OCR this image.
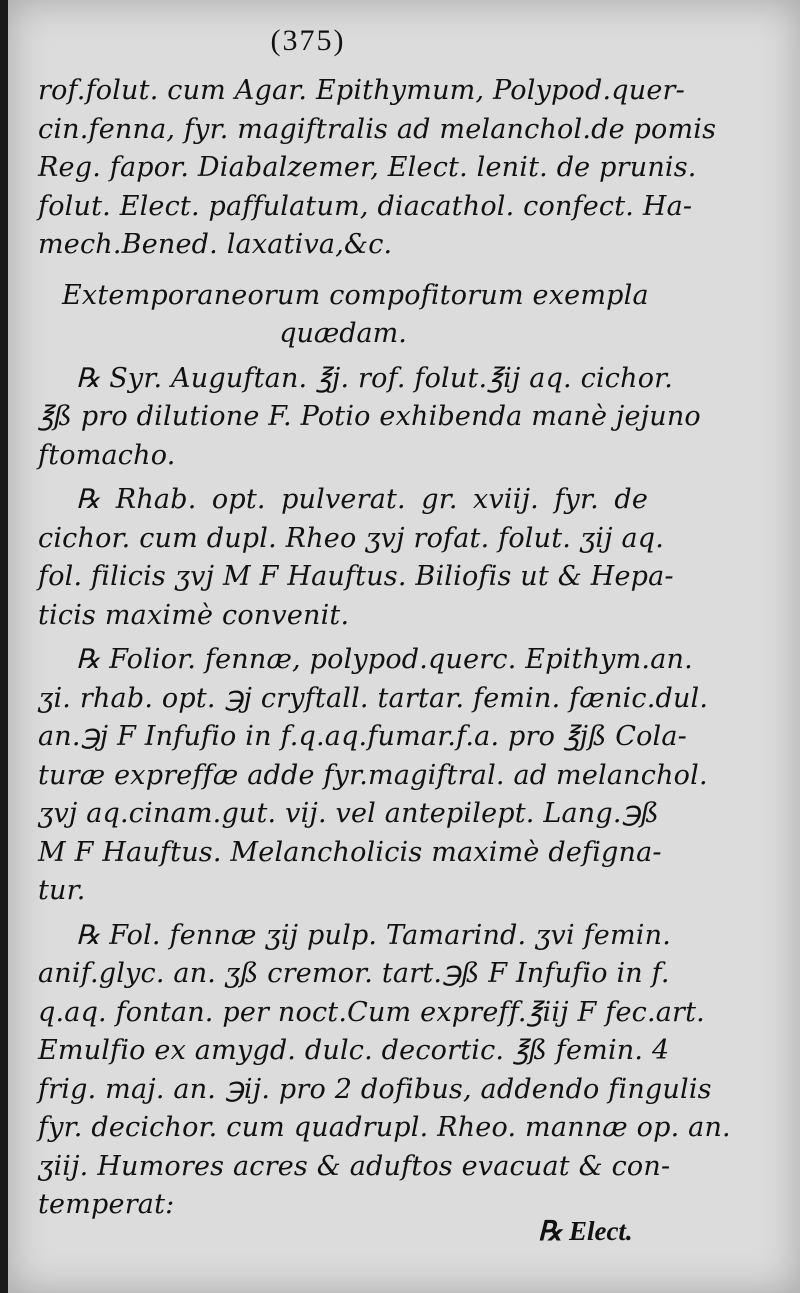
(375)
rof.folut. cum Agar. Epithymum, Polypod.quer-
cin.fenna, fyr. magiftralis ad melanchol.de pomis
Reg. fapor. Diabalzemer, Elect. lenit. de prunis.
folut. Elect. paffulatum, diacathol. confect. Ha-
mech.Bened. laxativa,&c.
Extemporaneorum compofitorum exempla
quædam.
℞ Syr. Auguftan. ℥j. rof. folut.℥ij aq. cichor.
℥ß pro dilutione F. Potio exhibenda manè jejuno
ftomacho.
℞ Rhab. opt. pulverat. gr. xviij. fyr. de
cichor. cum dupl. Rheo ʒvj rofat. folut. ʒij aq.
fol. filicis ʒvj M F Hauftus. Biliofis ut & Hepa-
ticis maximè convenit.
℞ Folior. fennæ, polypod.querc. Epithym.an.
ʒi. rhab. opt. ℈j cryftall. tartar. femin. fænic.dul.
an.℈j F Infufio in f.q.aq.fumar.f.a. pro ℥jß Cola-
turæ expreffæ adde fyr.magiftral. ad melanchol.
ʒvj aq.cinam.gut. vij. vel antepilept. Lang.℈ß
M F Hauftus. Melancholicis maximè defigna-
tur.
℞ Fol. fennæ ʒij pulp. Tamarind. ʒvi femin.
anif.glyc. an. ʒß cremor. tart.℈ß F Infufio in f.
q.aq. fontan. per noct.Cum expreff.℥iij F fec.art.
Emulfio ex amygd. dulc. decortic. ℥ß femin. 4
frig. maj. an. ℈ij. pro 2 dofibus, addendo fingulis
fyr. decichor. cum quadrupl. Rheo. mannæ op. an.
ʒiij. Humores acres & aduftos evacuat & con-
temperat:
℞ Elect.
